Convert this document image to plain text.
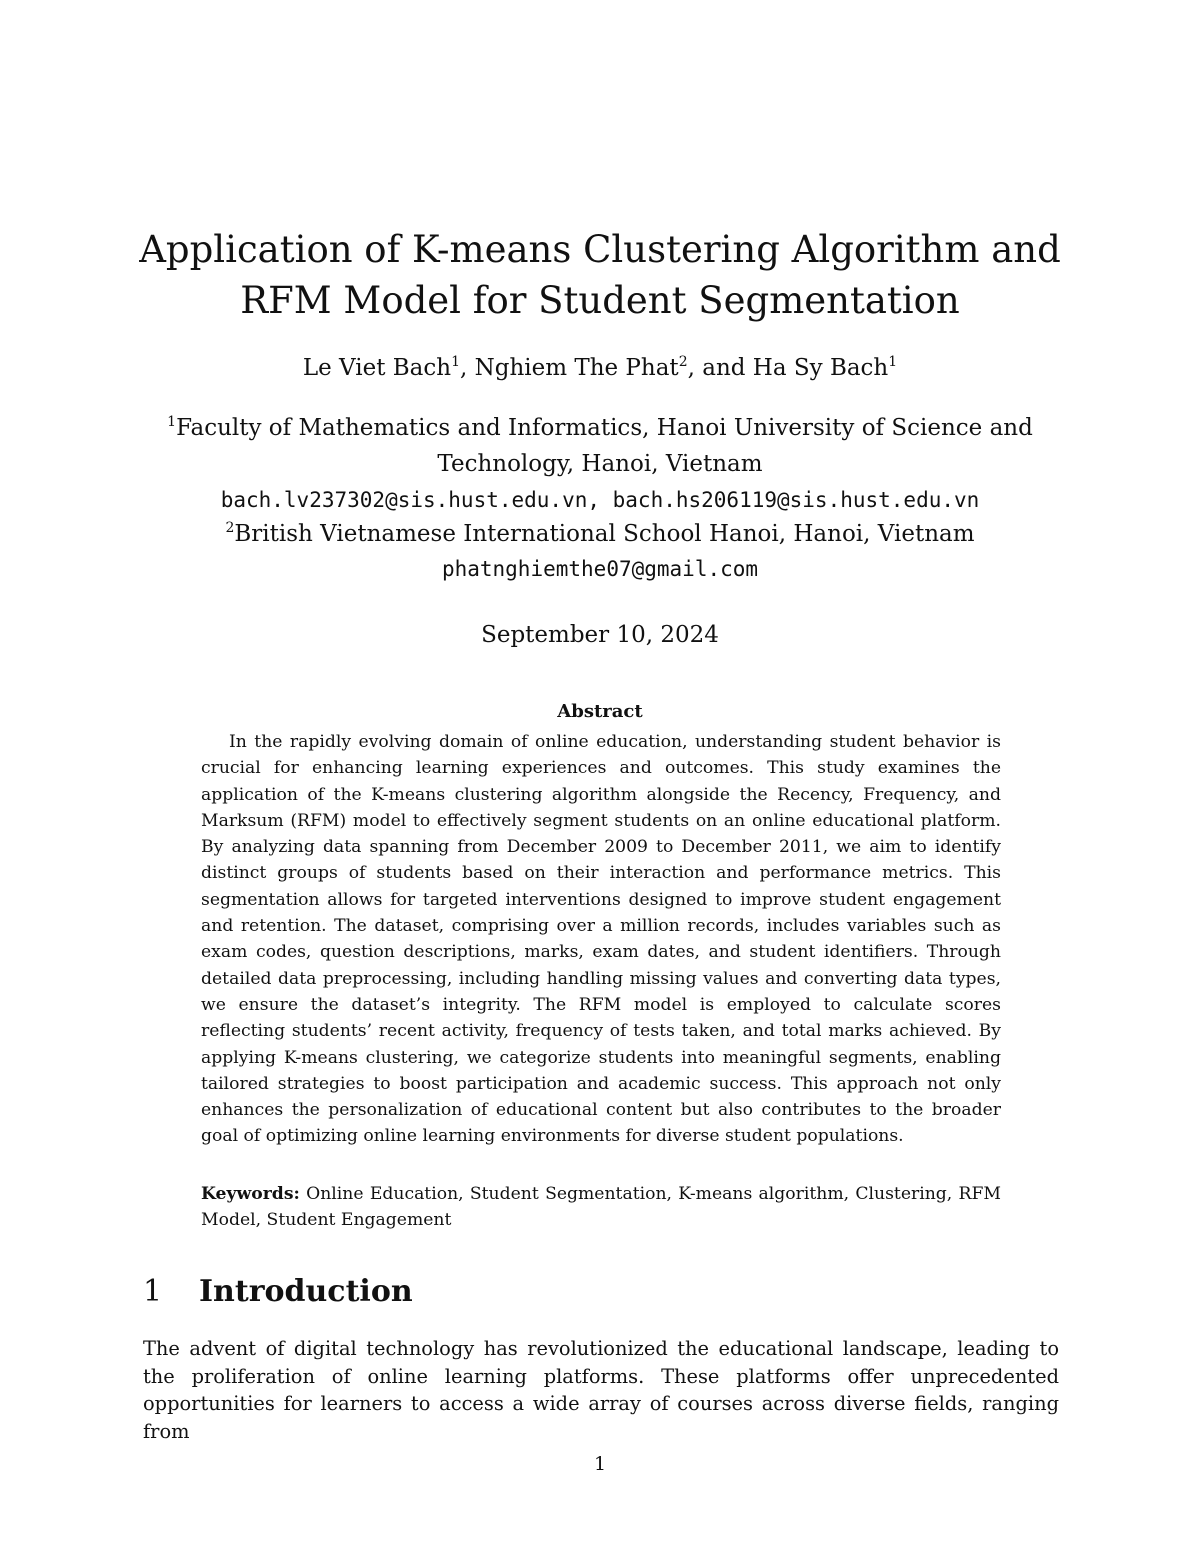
Application of K-means Clustering Algorithm and RFM Model for Student Segmentation
Le Viet Bach$^1$, Nghiem The Phat$^2$, and Ha Sy Bach$^1$
$^1$Faculty of Mathematics and Informatics, Hanoi University of Science and Technology, Hanoi, Vietnam
bach.lv237302@sis.hust.edu.vn, bach.hs206119@sis.hust.edu.vn
$^2$British Vietnamese International School Hanoi, Hanoi, Vietnam
phatnghiemthe07@gmail.com
September 10, 2024
Abstract

In the rapidly evolving domain of online education, understanding student behavior is crucial for enhancing learning experiences and outcomes. This study examines the application of the K-means clustering algorithm alongside the Recency, Frequency, and Marksum (RFM) model to effectively segment students on an online educational platform. By analyzing data spanning from December 2009 to December 2011, we aim to identify distinct groups of students based on their interaction and performance metrics. This segmentation allows for targeted interventions designed to improve student engagement and retention. The dataset, comprising over a million records, includes variables such as exam codes, question descriptions, marks, exam dates, and student identifiers. Through detailed data preprocessing, including handling missing values and converting data types, we ensure the dataset’s integrity. The RFM model is employed to calculate scores reflecting students’ recent activity, frequency of tests taken, and total marks achieved. By applying K-means clustering, we categorize students into meaningful segments, enabling tailored strategies to boost participation and academic success. This approach not only enhances the personalization of educational content but also contributes to the broader goal of optimizing online learning environments for diverse student populations.

Keywords: Online Education, Student Segmentation, K-means algorithm, Clustering, RFM Model, Student Engagement

1 Introduction

The advent of digital technology has revolutionized the educational landscape, leading to the proliferation of online learning platforms. These platforms offer unprecedented opportunities for learners to access a wide array of courses across diverse fields, ranging from

1
